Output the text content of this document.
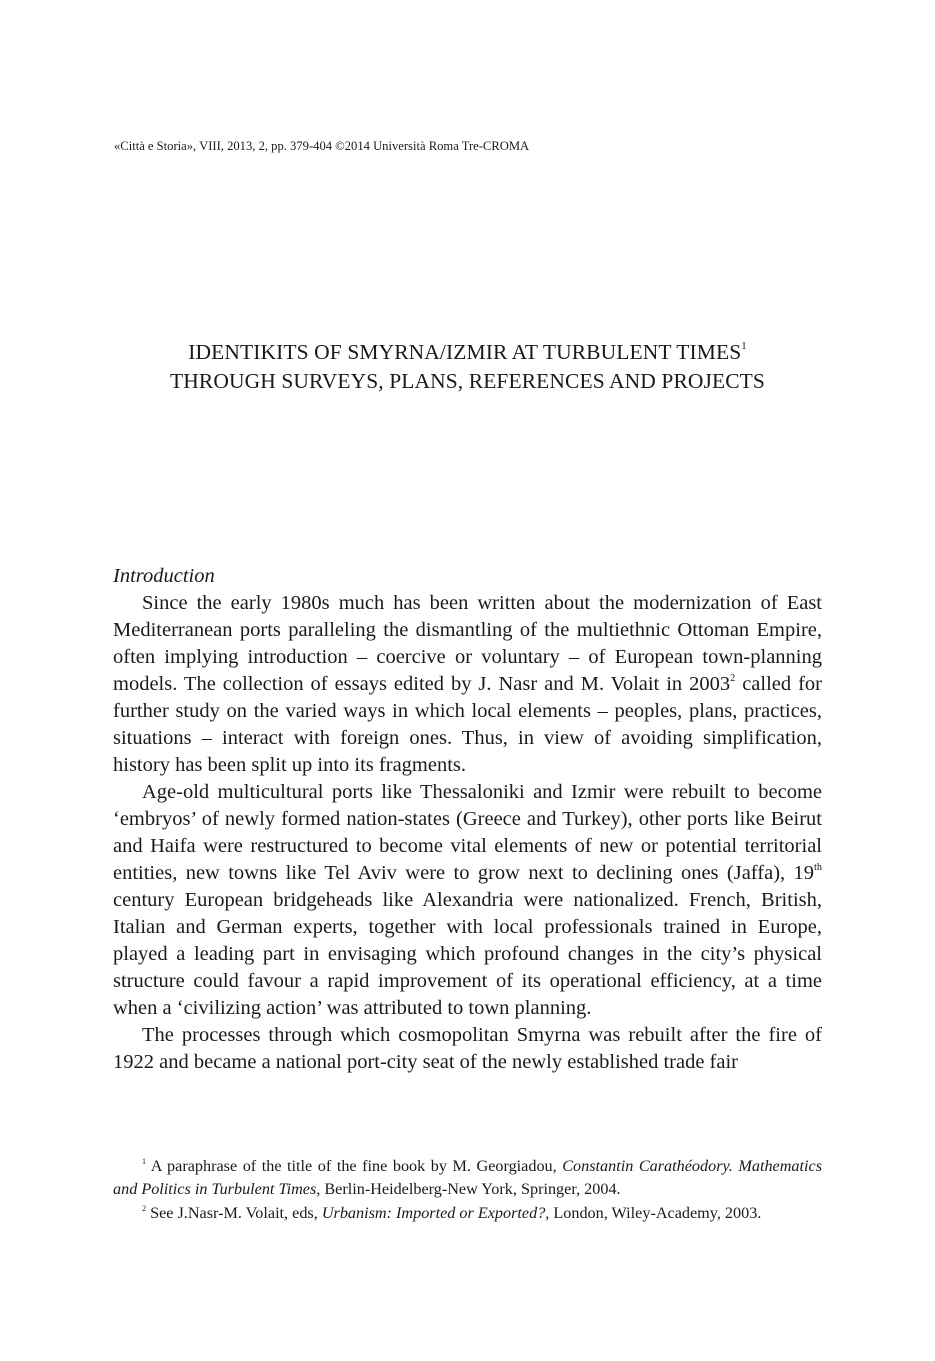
«Città e Storia», VIII, 2013, 2, pp. 379-404 ©2014 Università Roma Tre-CROMA
IDENTIKITS OF SMYRNA/IZMIR AT TURBULENT TIMES$^1$
THROUGH SURVEYS, PLANS, REFERENCES AND PROJECTS
Introduction

Since the early 1980s much has been written about the modernization of East Mediterranean ports paralleling the dismantling of the multiethnic Ottoman Empire, often implying introduction – coercive or voluntary – of European town-planning models. The collection of essays edited by J. Nasr and M. Volait in 2003$^2$ called for further study on the varied ways in which local elements – peoples, plans, practices, situations – interact with foreign ones. Thus, in view of avoiding simplification, history has been split up into its fragments.

Age-old multicultural ports like Thessaloniki and Izmir were rebuilt to become ‘embryos’ of newly formed nation-states (Greece and Turkey), other ports like Beirut and Haifa were restructured to become vital elements of new or potential territorial entities, new towns like Tel Aviv were to grow next to declining ones (Jaffa), 19th century European bridgeheads like Alexandria were nationalized. French, British, Italian and German experts, together with local professionals trained in Europe, played a leading part in envisaging which profound changes in the city’s physical structure could favour a rapid improvement of its operational efficiency, at a time when a ‘civilizing action’ was attributed to town planning.

The processes through which cosmopolitan Smyrna was rebuilt after the fire of 1922 and became a national port-city seat of the newly established trade fair

$^1$ A paraphrase of the title of the fine book by M. Georgiadou, Constantin Carathéodory. Mathematics and Politics in Turbulent Times, Berlin-Heidelberg-New York, Springer, 2004.

$^2$ See J.Nasr-M. Volait, eds, Urbanism: Imported or Exported?, London, Wiley-Academy, 2003.
